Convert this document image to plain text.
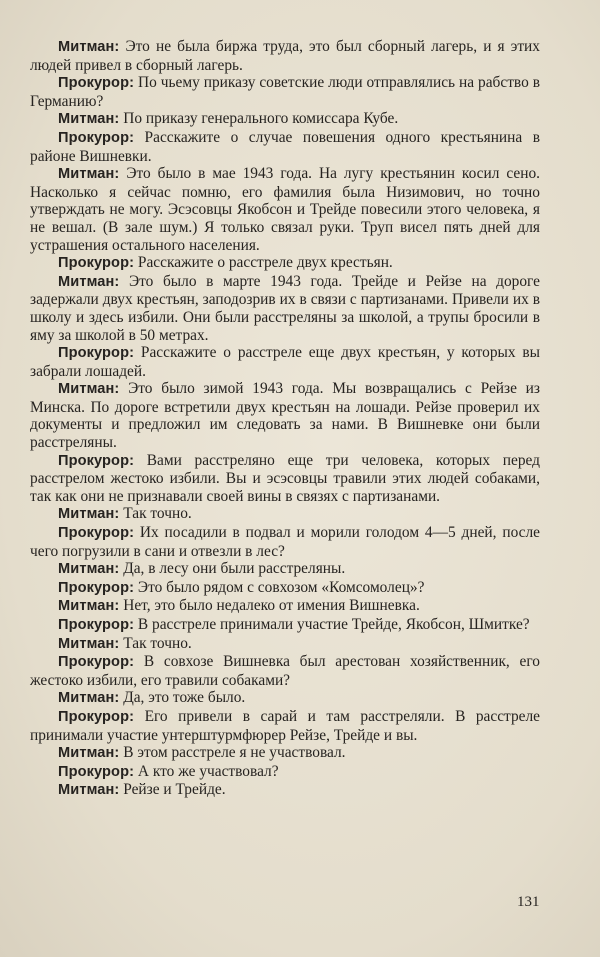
Митман: Это не была биржа труда, это был сборный лагерь, и я этих людей привел в сборный лагерь.

Прокурор: По чьему приказу советские люди отправлялись на рабство в Германию?

Митман: По приказу генерального комиссара Кубе.

Прокурор: Расскажите о случае повешения одного крестьянина в районе Вишневки.

Митман: Это было в мае 1943 года. На лугу крестьянин косил сено. Насколько я сейчас помню, его фамилия была Низимович, но точно утверждать не могу. Эсэсовцы Якобсон и Трейде повесили этого человека, я не вешал. (В зале шум.) Я только связал руки. Труп висел пять дней для устрашения остального населения.

Прокурор: Расскажите о расстреле двух крестьян.

Митман: Это было в марте 1943 года. Трейде и Рейзе на дороге задержали двух крестьян, заподозрив их в связи с партизанами. Привели их в школу и здесь избили. Они были расстреляны за школой, а трупы бросили в яму за школой в 50 метрах.

Прокурор: Расскажите о расстреле еще двух крестьян, у которых вы забрали лошадей.

Митман: Это было зимой 1943 года. Мы возвращались с Рейзе из Минска. По дороге встретили двух крестьян на лошади. Рейзе проверил их документы и предложил им следовать за нами. В Вишневке они были расстреляны.

Прокурор: Вами расстреляно еще три человека, которых перед расстрелом жестоко избили. Вы и эсэсовцы травили этих людей собаками, так как они не признавали своей вины в связях с партизанами.

Митман: Так точно.

Прокурор: Их посадили в подвал и морили голодом 4—5 дней, после чего погрузили в сани и отвезли в лес?

Митман: Да, в лесу они были расстреляны.

Прокурор: Это было рядом с совхозом «Комсомолец»?

Митман: Нет, это было недалеко от имения Вишневка.

Прокурор: В расстреле принимали участие Трейде, Якобсон, Шмитке?

Митман: Так точно.

Прокурор: В совхозе Вишневка был арестован хозяйственник, его жестоко избили, его травили собаками?

Митман: Да, это тоже было.

Прокурор: Его привели в сарай и там расстреляли. В расстреле принимали участие унтерштурмфюрер Рейзе, Трейде и вы.

Митман: В этом расстреле я не участвовал.

Прокурор: А кто же участвовал?

Митман: Рейзе и Трейде.

131
